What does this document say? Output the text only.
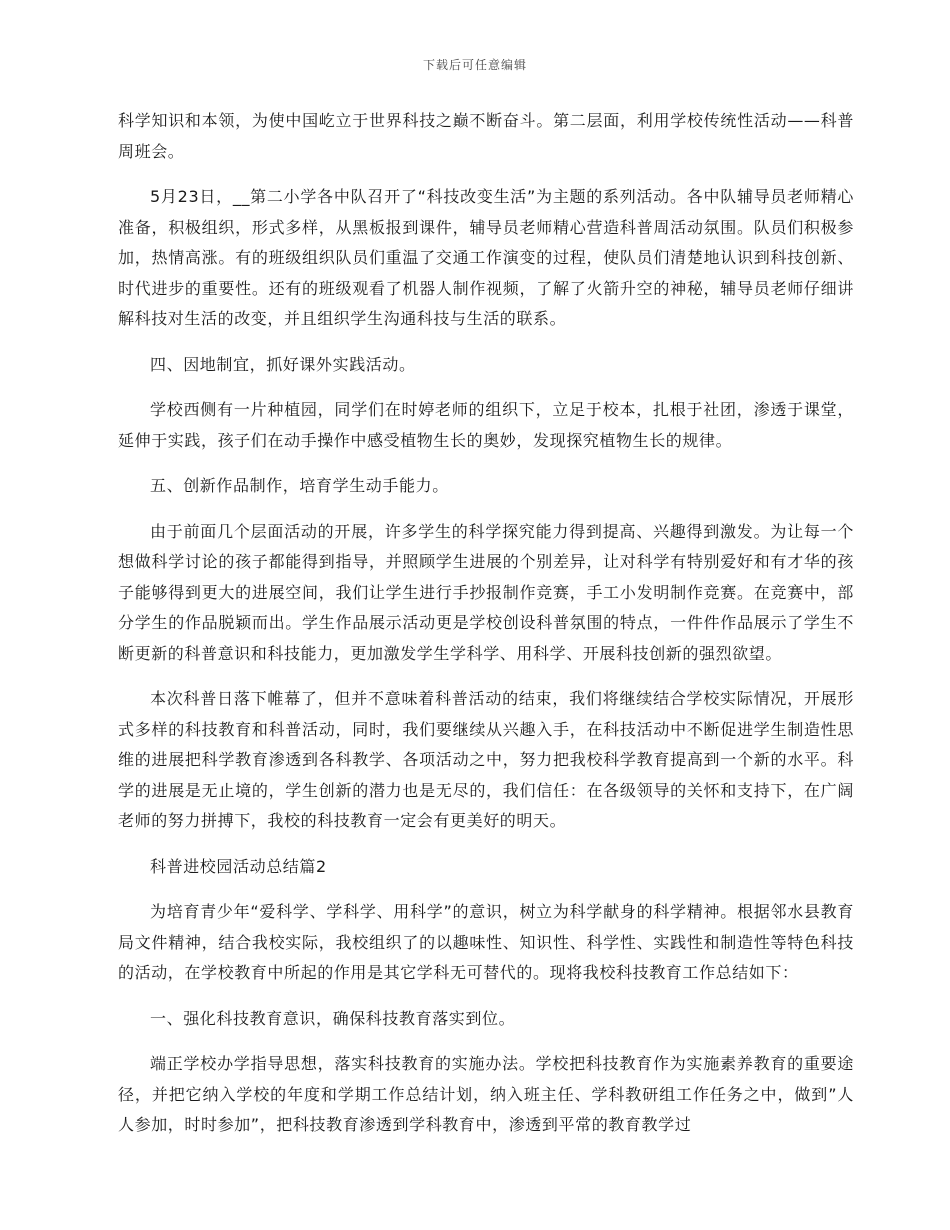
下载后可任意编辑

科学知识和本领，为使中国屹立于世界科技之巅不断奋斗。第二层面，利用学校传统性活动——科普周班会。

5月23日，__第二小学各中队召开了“科技改变生活”为主题的系列活动。各中队辅导员老师精心准备，积极组织，形式多样，从黑板报到课件，辅导员老师精心营造科普周活动氛围。队员们积极参加，热情高涨。有的班级组织队员们重温了交通工作演变的过程，使队员们清楚地认识到科技创新、时代进步的重要性。还有的班级观看了机器人制作视频，了解了火箭升空的神秘，辅导员老师仔细讲解科技对生活的改变，并且组织学生沟通科技与生活的联系。

四、因地制宜，抓好课外实践活动。

学校西侧有一片种植园，同学们在时婷老师的组织下，立足于校本，扎根于社团，渗透于课堂，延伸于实践，孩子们在动手操作中感受植物生长的奥妙，发现探究植物生长的规律。

五、创新作品制作，培育学生动手能力。

由于前面几个层面活动的开展，许多学生的科学探究能力得到提高、兴趣得到激发。为让每一个想做科学讨论的孩子都能得到指导，并照顾学生进展的个别差异，让对科学有特别爱好和有才华的孩子能够得到更大的进展空间，我们让学生进行手抄报制作竞赛，手工小发明制作竞赛。在竞赛中，部分学生的作品脱颖而出。学生作品展示活动更是学校创设科普氛围的特点，一件件作品展示了学生不断更新的科普意识和科技能力，更加激发学生学科学、用科学、开展科技创新的强烈欲望。

本次科普日落下帷幕了，但并不意味着科普活动的结束，我们将继续结合学校实际情况，开展形式多样的科技教育和科普活动，同时，我们要继续从兴趣入手，在科技活动中不断促进学生制造性思维的进展把科学教育渗透到各科教学、各项活动之中，努力把我校科学教育提高到一个新的水平。科学的进展是无止境的，学生创新的潜力也是无尽的，我们信任：在各级领导的关怀和支持下，在广阔老师的努力拼搏下，我校的科技教育一定会有更美好的明天。

科普进校园活动总结篇2

为培育青少年“爱科学、学科学、用科学”的意识，树立为科学献身的科学精神。根据邻水县教育局文件精神，结合我校实际，我校组织了的以趣味性、知识性、科学性、实践性和制造性等特色科技的活动，在学校教育中所起的作用是其它学科无可替代的。现将我校科技教育工作总结如下：

一、强化科技教育意识，确保科技教育落实到位。

端正学校办学指导思想，落实科技教育的实施办法。学校把科技教育作为实施素养教育的重要途径，并把它纳入学校的年度和学期工作总结计划，纳入班主任、学科教研组工作任务之中，做到”人人参加，时时参加”，把科技教育渗透到学科教育中，渗透到平常的教育教学过
